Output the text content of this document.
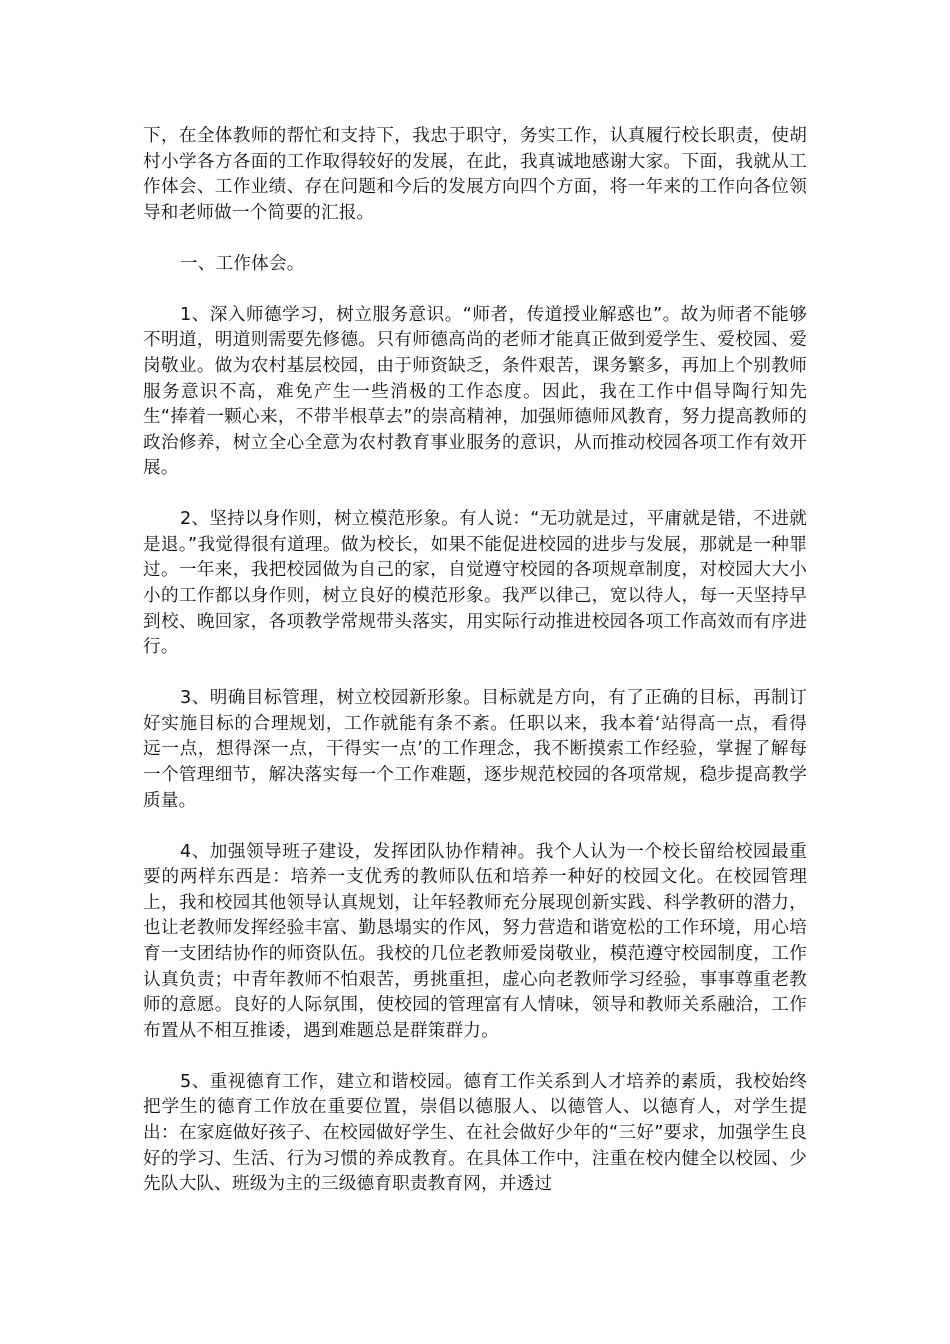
下，在全体教师的帮忙和支持下，我忠于职守，务实工作，认真履行校长职责，使胡村小学各方各面的工作取得较好的发展，在此，我真诚地感谢大家。下面，我就从工作体会、工作业绩、存在问题和今后的发展方向四个方面，将一年来的工作向各位领导和老师做一个简要的汇报。

一、工作体会。

1、深入师德学习，树立服务意识。“师者，传道授业解惑也”。故为师者不能够不明道，明道则需要先修德。只有师德高尚的老师才能真正做到爱学生、爱校园、爱岗敬业。做为农村基层校园，由于师资缺乏，条件艰苦，课务繁多，再加上个别教师服务意识不高，难免产生一些消极的工作态度。因此，我在工作中倡导陶行知先生“捧着一颗心来，不带半根草去”的崇高精神，加强师德师风教育，努力提高教师的政治修养，树立全心全意为农村教育事业服务的意识，从而推动校园各项工作有效开展。

2、坚持以身作则，树立模范形象。有人说：“无功就是过，平庸就是错，不进就是退。”我觉得很有道理。做为校长，如果不能促进校园的进步与发展，那就是一种罪过。一年来，我把校园做为自己的家，自觉遵守校园的各项规章制度，对校园大大小小的工作都以身作则，树立良好的模范形象。我严以律己，宽以待人，每一天坚持早到校、晚回家，各项教学常规带头落实，用实际行动推进校园各项工作高效而有序进行。

3、明确目标管理，树立校园新形象。目标就是方向，有了正确的目标，再制订好实施目标的合理规划，工作就能有条不紊。任职以来，我本着‘站得高一点，看得远一点，想得深一点，干得实一点’的工作理念，我不断摸索工作经验，掌握了解每一个管理细节，解决落实每一个工作难题，逐步规范校园的各项常规，稳步提高教学质量。

4、加强领导班子建设，发挥团队协作精神。我个人认为一个校长留给校园最重要的两样东西是：培养一支优秀的教师队伍和培养一种好的校园文化。在校园管理上，我和校园其他领导认真规划，让年轻教师充分展现创新实践、科学教研的潜力，也让老教师发挥经验丰富、勤恳塌实的作风，努力营造和谐宽松的工作环境，用心培育一支团结协作的师资队伍。我校的几位老教师爱岗敬业，模范遵守校园制度，工作认真负责；中青年教师不怕艰苦，勇挑重担，虚心向老教师学习经验，事事尊重老教师的意愿。良好的人际氛围，使校园的管理富有人情味，领导和教师关系融洽，工作布置从不相互推诿，遇到难题总是群策群力。

5、重视德育工作，建立和谐校园。德育工作关系到人才培养的素质，我校始终把学生的德育工作放在重要位置，崇倡以德服人、以德管人、以德育人，对学生提出：在家庭做好孩子、在校园做好学生、在社会做好少年的“三好”要求，加强学生良好的学习、生活、行为习惯的养成教育。在具体工作中，注重在校内健全以校园、少先队大队、班级为主的三级德育职责教育网，并透过
